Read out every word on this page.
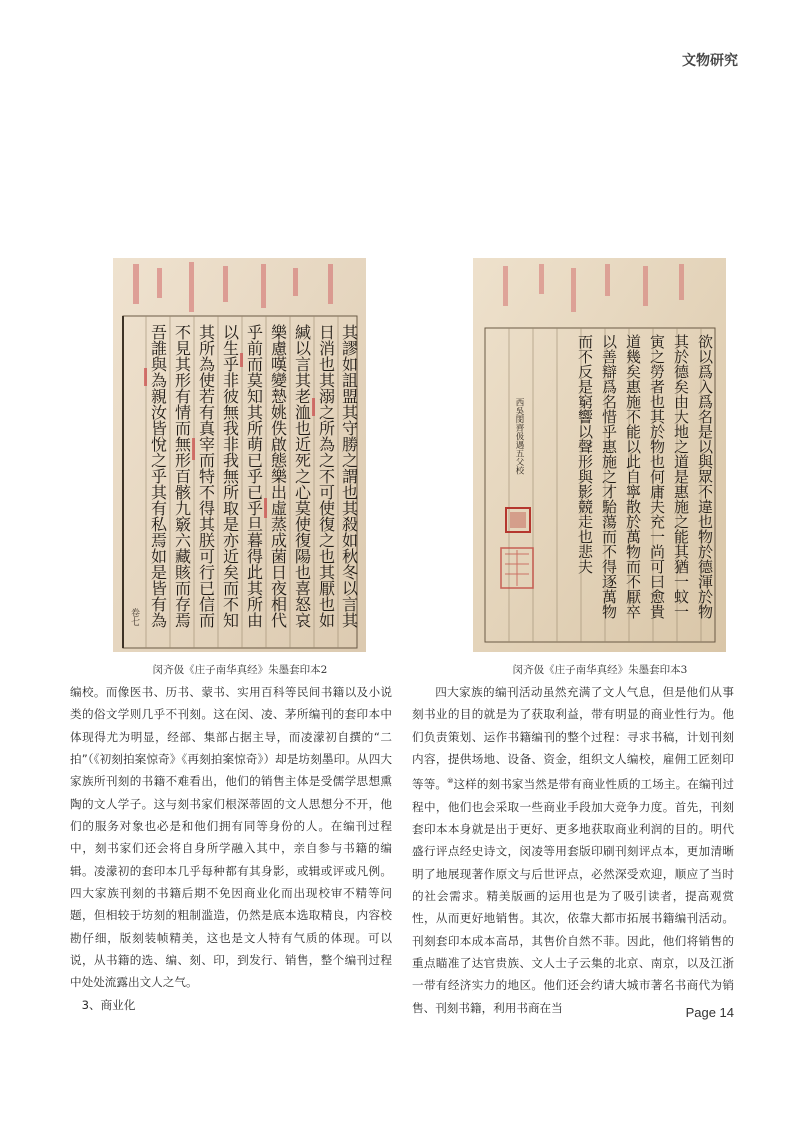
文物研究
其謬如詛盟其守勝之謂也其殺如秋冬以言其
日消也其溺之所為之不可使復之也其厭也如
緘以言其老洫也近死之心莫使復陽也喜怒哀
樂慮嘆變慹姚佚啟態樂出虛蒸成菌日夜相代
乎前而莫知其所萌已乎已乎旦暮得此其所由
以生乎非彼無我非我無所取是亦近矣而不知
其所為使若有真宰而特不得其朕可行已信而
不見其形有情而無形百骸九竅六藏賅而存焉
吾誰與為親汝皆悅之乎其有私焉如是皆有為
卷七	欲以爲入爲名是以與眾不違也物於德渾於物
其於德矣由大地之道是惠施之能其猶一蚊一
寅之勞者也其於物也何庸夫充一尚可曰愈貴
道幾矣惠施不能以此自寧散於萬物而不厭卒
以善辯爲名惜乎惠施之才駘蕩而不得逐萬物
而不反是窮響以聲形與影競走也悲夫
西吳閔齊伋遇五父校
闵齐伋《庄子南华真经》朱墨套印本2	闵齐伋《庄子南华真经》朱墨套印本3

编校。而像医书、历书、蒙书、实用百科等民间书籍以及小说类的俗文学则几乎不刊刻。这在闵、凌、茅所编刊的套印本中体现得尤为明显，经部、集部占据主导，而凌濛初自撰的“二拍”（《初刻拍案惊奇》《再刻拍案惊奇》）却是坊刻墨印。从四大家族所刊刻的书籍不难看出，他们的销售主体是受儒学思想熏陶的文人学子。这与刻书家们根深蒂固的文人思想分不开，他们的服务对象也必是和他们拥有同等身份的人。在编刊过程中，刻书家们还会将自身所学融入其中，亲自参与书籍的编辑。凌濛初的套印本几乎每种都有其身影，或辑或评或凡例。四大家族刊刻的书籍后期不免因商业化而出现校审不精等问题，但相较于坊刻的粗制滥造，仍然是底本选取精良，内容校勘仔细，版刻装帧精美，这也是文人特有气质的体现。可以说，从书籍的选、编、刻、印，到发行、销售，整个编刊过程中处处流露出文人之气。

3、商业化

四大家族的编刊活动虽然充满了文人气息，但是他们从事刻书业的目的就是为了获取利益，带有明显的商业性行为。他们负责策划、运作书籍编刊的整个过程：寻求书稿，计划刊刻内容，提供场地、设备、资金，组织文人编校，雇佣工匠刻印等等。⑩这样的刻书家当然是带有商业性质的工场主。在编刊过程中，他们也会采取一些商业手段加大竞争力度。首先，刊刻套印本本身就是出于更好、更多地获取商业利润的目的。明代盛行评点经史诗文，闵凌等用套版印刷刊刻评点本，更加清晰明了地展现著作原文与后世评点，必然深受欢迎，顺应了当时的社会需求。精美版画的运用也是为了吸引读者，提高观赏性，从而更好地销售。其次，依靠大都市拓展书籍编刊活动。刊刻套印本成本高昂，其售价自然不菲。因此，他们将销售的重点瞄准了达官贵族、文人士子云集的北京、南京，以及江浙一带有经济实力的地区。他们还会约请大城市著名书商代为销售、刊刻书籍，利用书商在当	Page 14
